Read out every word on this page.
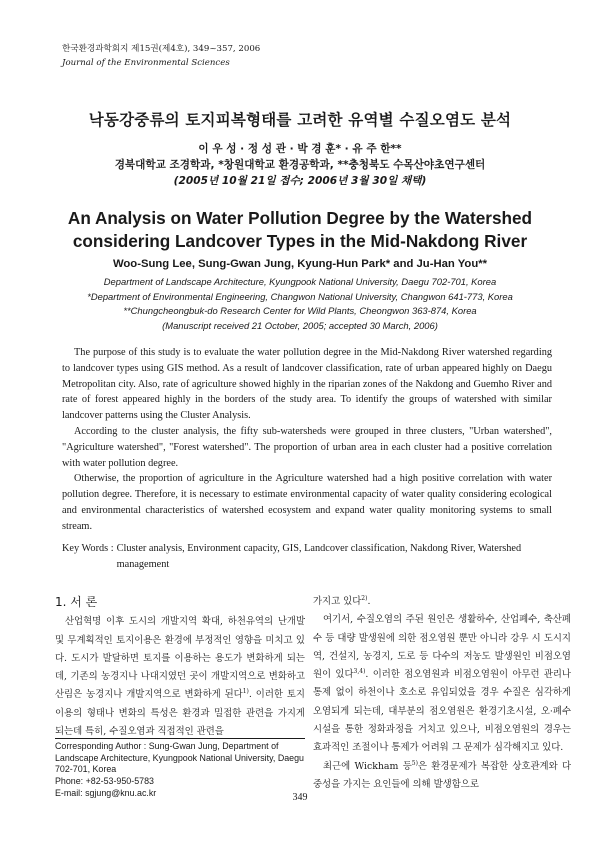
한국환경과학회지 제15권(제4호), 349~357, 2006
Journal of the Environmental Sciences
낙동강중류의 토지피복형태를 고려한 유역별 수질오염도 분석
이 우 성 · 정 성 관 · 박 경 훈* · 유 주 한**
경북대학교 조경학과, *창원대학교 환경공학과, **충청북도 수목산야초연구센터
(2005년 10월 21일 접수; 2006년 3월 30일 채택)
An Analysis on Water Pollution Degree by the Watershed
considering Landcover Types in the Mid-Nakdong River
Woo-Sung Lee, Sung-Gwan Jung, Kyung-Hun Park* and Ju-Han You**
Department of Landscape Architecture, Kyungpook National University, Daegu 702-701, Korea
*Department of Environmental Engineering, Changwon National University, Changwon 641-773, Korea
**Chungcheongbuk-do Research Center for Wild Plants, Cheongwon 363-874, Korea
(Manuscript received 21 October, 2005; accepted 30 March, 2006)

The purpose of this study is to evaluate the water pollution degree in the Mid-Nakdong River watershed regarding to landcover types using GIS method. As a result of landcover classification, rate of urban appeared highly on Daegu Metropolitan city. Also, rate of agriculture showed highly in the riparian zones of the Nakdong and Guemho River and rate of forest appeared highly in the borders of the study area. To identify the groups of watershed with similar landcover patterns using the Cluster Analysis.

According to the cluster analysis, the fifty sub-watersheds were grouped in three clusters, "Urban watershed", "Agriculture watershed", "Forest watershed". The proportion of urban area in each cluster had a positive correlation with water pollution degree.

Otherwise, the proportion of agriculture in the Agriculture watershed had a high positive correlation with water pollution degree. Therefore, it is necessary to estimate environmental capacity of water quality considering ecological and environmental characteristics of watershed ecosystem and expand water quality monitoring systems to small stream.

Key Words : Cluster analysis, Environment capacity, GIS, Landcover classification, Nakdong River, Watershed management
1. 서 론

산업혁명 이후 도시의 개발지역 확대, 하천유역의 난개발 및 무계획적인 토지이용은 환경에 부정적인 영향을 미치고 있다. 도시가 발달하면 토지를 이용하는 용도가 변화하게 되는데, 기존의 농경지나 나대지였던 곳이 개발지역으로 변화하고 산림은 농경지나 개발지역으로 변화하게 된다$^{1)}$. 이러한 토지이용의 형태나 변화의 특성은 환경과 밀접한 관련을 가지게 되는데 특히, 수질오염과 직접적인 관련을

가지고 있다$^{2)}$.

여기서, 수질오염의 주된 원인은 생활하수, 산업폐수, 축산폐수 등 대량 발생원에 의한 점오염원 뿐만 아니라 강우 시 도시지역, 건설지, 농경지, 도로 등 다수의 저농도 발생원인 비점오염원이 있다$^{3,4)}$. 이러한 점오염원과 비점오염원이 아무런 관리나 통제 없이 하천이나 호소로 유입되었을 경우 수질은 심각하게 오염되게 되는데, 대부분의 점오염원은 환경기초시설, 오·폐수시설을 통한 정화과정을 거치고 있으나, 비점오염원의 경우는 효과적인 조절이나 통제가 어려워 그 문제가 심각해지고 있다.

최근에 Wickham 등$^{5)}$은 환경문제가 복잡한 상호관계와 다중성을 가지는 요인들에 의해 발생함으로

Corresponding Author : Sung-Gwan Jung, Department of Landscape Architecture, Kyungpook National University, Daegu 702-701, Korea
Phone: +82-53-950-5783
E-mail: sgjung@knu.ac.kr	349
